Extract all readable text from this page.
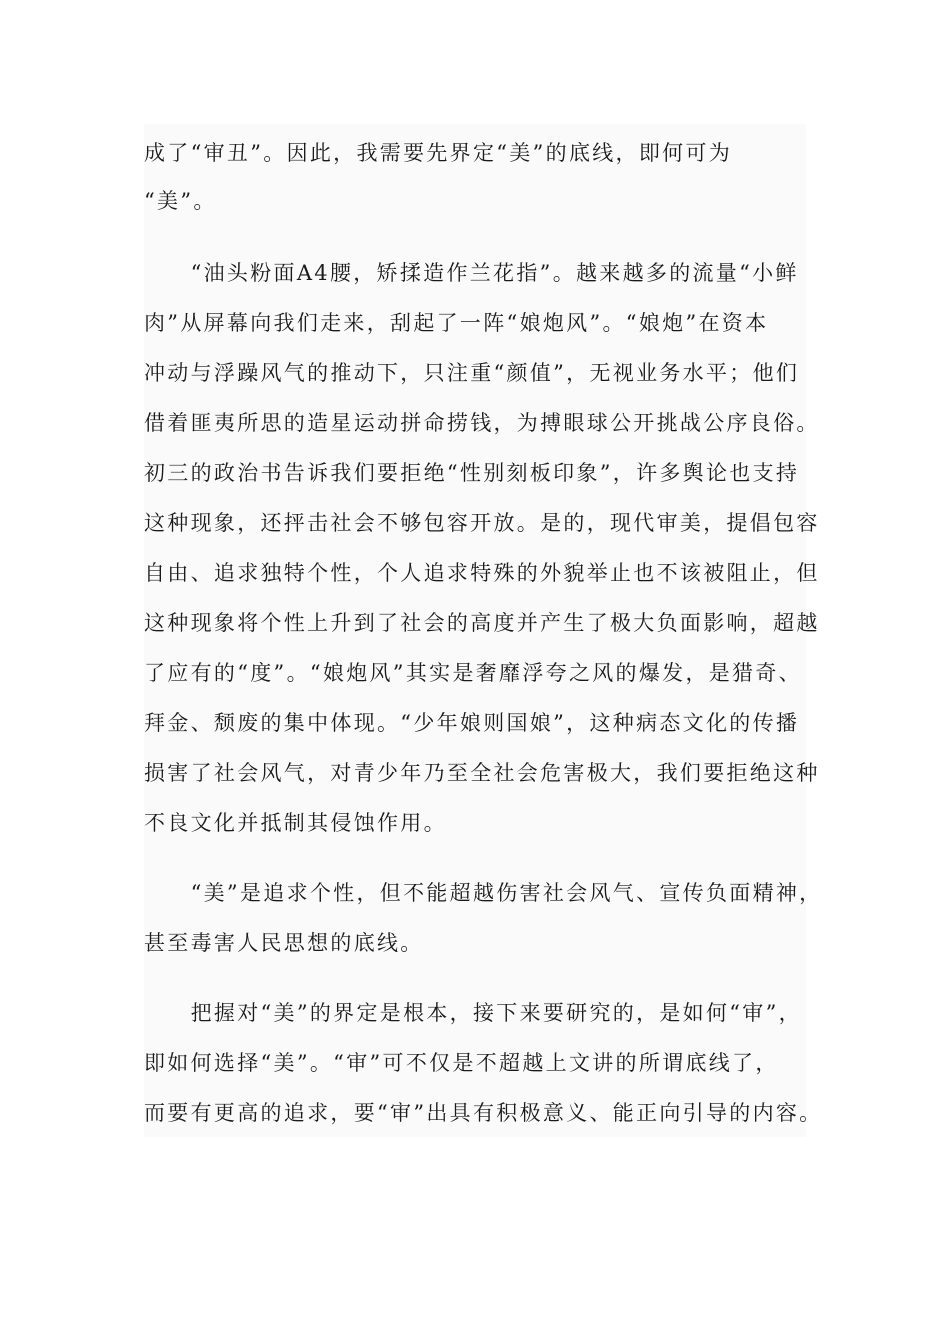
成了“审丑”。因此，我需要先界定“美”的底线，即何可为
“美”。
　　“油头粉面A4腰，矫揉造作兰花指”。越来越多的流量“小鲜
肉”从屏幕向我们走来，刮起了一阵“娘炮风”。“娘炮”在资本
冲动与浮躁风气的推动下，只注重“颜值”，无视业务水平；他们
借着匪夷所思的造星运动拼命捞钱，为搏眼球公开挑战公序良俗。
初三的政治书告诉我们要拒绝“性别刻板印象”，许多舆论也支持
这种现象，还抨击社会不够包容开放。是的，现代审美，提倡包容
自由、追求独特个性，个人追求特殊的外貌举止也不该被阻止，但
这种现象将个性上升到了社会的高度并产生了极大负面影响，超越
了应有的“度”。“娘炮风”其实是奢靡浮夸之风的爆发，是猎奇、
拜金、颓废的集中体现。“少年娘则国娘”，这种病态文化的传播
损害了社会风气，对青少年乃至全社会危害极大，我们要拒绝这种
不良文化并抵制其侵蚀作用。
　　“美”是追求个性，但不能超越伤害社会风气、宣传负面精神，
甚至毒害人民思想的底线。
　　把握对“美”的界定是根本，接下来要研究的，是如何“审”，
即如何选择“美”。“审”可不仅是不超越上文讲的所谓底线了，
而要有更高的追求，要“审”出具有积极意义、能正向引导的内容。
